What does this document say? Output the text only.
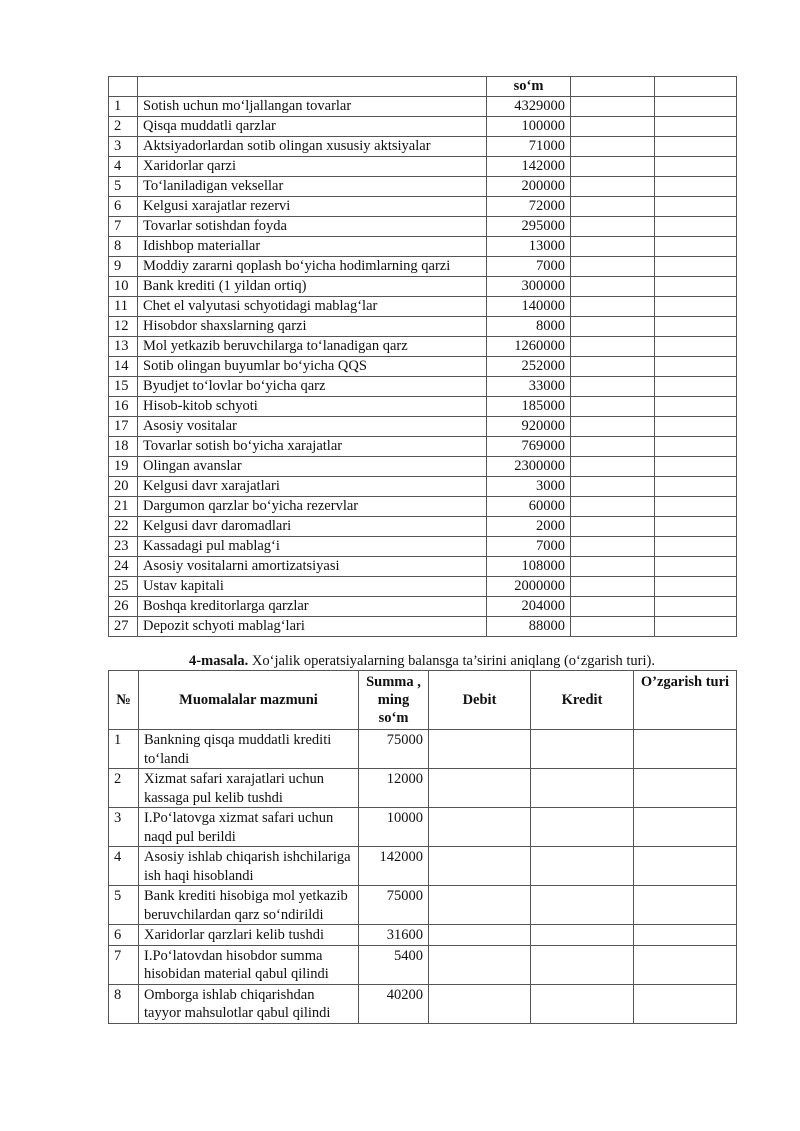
		so‘m		
1	Sotish uchun mo‘ljallangan tovarlar	4329000		
2	Qisqa muddatli qarzlar	100000		
3	Aktsiyadorlardan sotib olingan xususiy aktsiyalar	71000		
4	Xaridorlar qarzi	142000		
5	To‘laniladigan veksellar	200000		
6	Kelgusi xarajatlar rezervi	72000		
7	Tovarlar sotishdan foyda	295000		
8	Idishbop materiallar	13000		
9	Moddiy zararni qoplash bo‘yicha hodimlarning qarzi	7000		
10	Bank krediti (1 yildan ortiq)	300000		
11	Chet el valyutasi schyotidagi mablag‘lar	140000		
12	Hisobdor shaxslarning qarzi	8000		
13	Mol yetkazib beruvchilarga to‘lanadigan qarz	1260000		
14	Sotib olingan buyumlar bo‘yicha QQS	252000		
15	Byudjet to‘lovlar bo‘yicha qarz	33000		
16	Hisob-kitob schyoti	185000		
17	Asosiy vositalar	920000		
18	Tovarlar sotish bo‘yicha xarajatlar	769000		
19	Olingan avanslar	2300000		
20	Kelgusi davr xarajatlari	3000		
21	Dargumon qarzlar bo‘yicha rezervlar	60000		
22	Kelgusi davr daromadlari	2000		
23	Kassadagi pul mablag‘i	7000		
24	Asosiy vositalarni amortizatsiyasi	108000		
25	Ustav kapitali	2000000		
26	Boshqa kreditorlarga qarzlar	204000		
27	Depozit schyoti mablag‘lari	88000		
4-masala. Xo‘jalik operatsiyalarning balansga ta’sirini aniqlang (o‘zgarish turi).
№	Muomalalar mazmuni	Summa , ming so‘m	Debit	Kredit	O’zgarish turi
1	Bankning qisqa muddatli krediti to‘landi	75000			
2	Xizmat safari xarajatlari uchun kassaga pul kelib tushdi	12000			
3	I.Po‘latovga xizmat safari uchun naqd pul berildi	10000			
4	Asosiy ishlab chiqarish ishchilariga ish haqi hisoblandi	142000			
5	Bank krediti hisobiga mol yetkazib beruvchilardan qarz so‘ndirildi	75000			
6	Xaridorlar qarzlari kelib tushdi	31600			
7	I.Po‘latovdan hisobdor summa hisobidan material qabul qilindi	5400			
8	Omborga ishlab chiqarishdan tayyor mahsulotlar qabul qilindi	40200			
